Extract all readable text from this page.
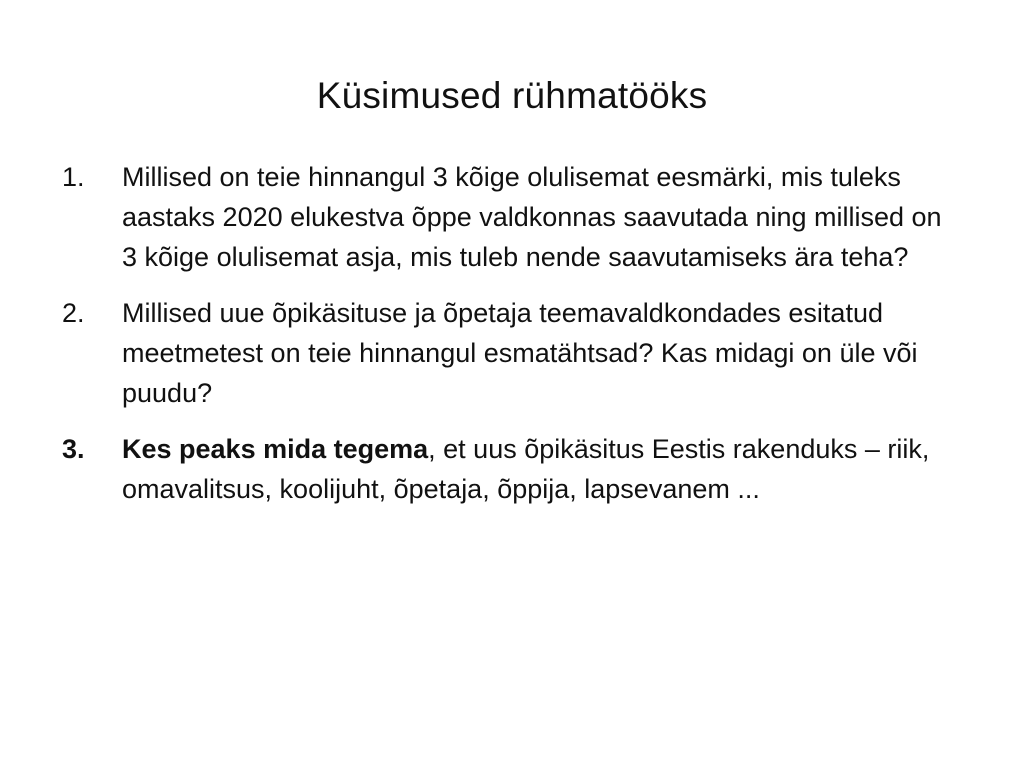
Küsimused rühmatööks
1. Millised on teie hinnangul 3 kõige olulisemat eesmärki, mis tuleks aastaks 2020 elukestva õppe valdkonnas saavutada ning millised on 3 kõige olulisemat asja, mis tuleb nende saavutamiseks ära teha?
2. Millised uue õpikäsituse ja õpetaja teemavaldkondades esitatud meetmetest on teie hinnangul esmatähtsad? Kas midagi on üle või puudu?
3. Kes peaks mida tegema, et uus õpikäsitus Eestis rakenduks – riik, omavalitsus, koolijuht, õpetaja, õppija, lapsevanem ...
